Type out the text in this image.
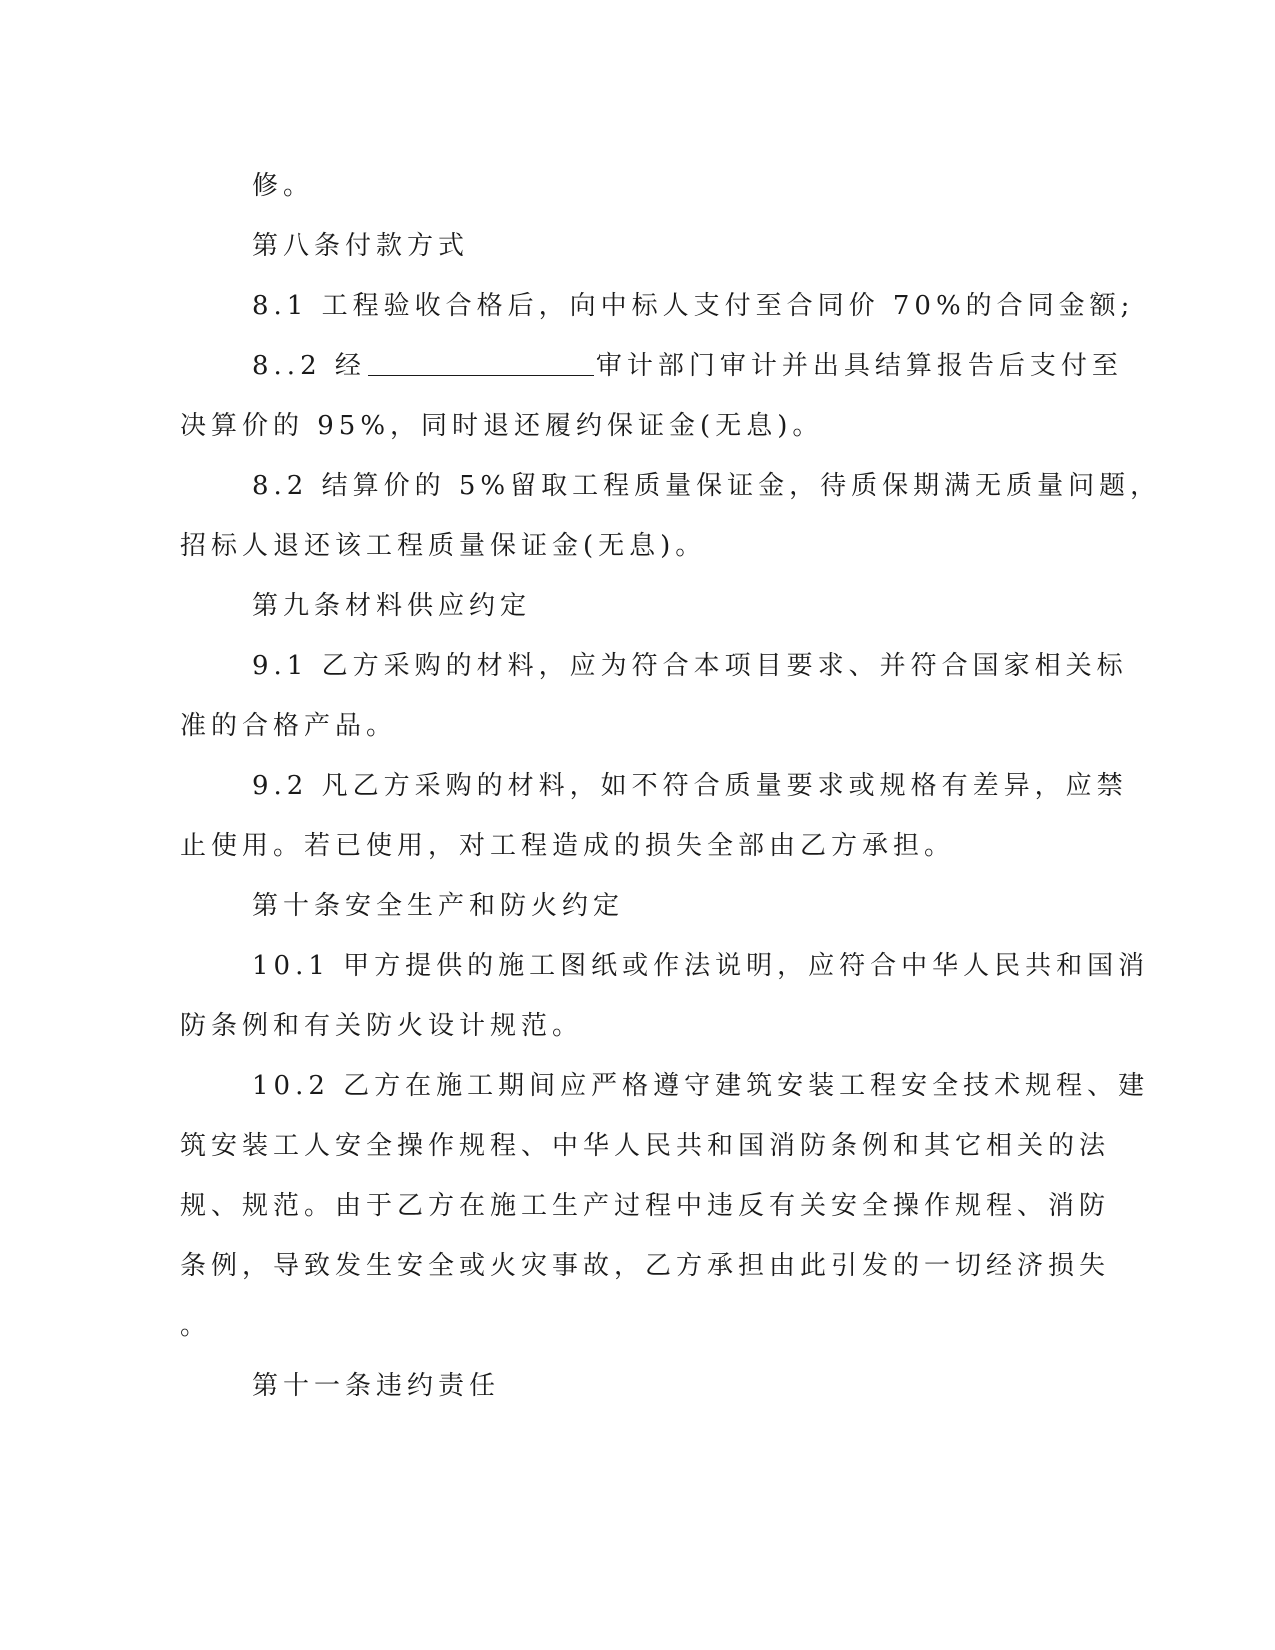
修。
第八条付款方式
8.1 工程验收合格后，向中标人支付至合同价 70%的合同金额;
8..2 经	审计部门审计并出具结算报告后支付至
决算价的 95%，同时退还履约保证金(无息)。
8.2 结算价的 5%留取工程质量保证金，待质保期满无质量问题，
招标人退还该工程质量保证金(无息)。
第九条材料供应约定
9.1 乙方采购的材料，应为符合本项目要求、并符合国家相关标
准的合格产品。
9.2 凡乙方采购的材料，如不符合质量要求或规格有差异，应禁
止使用。若已使用，对工程造成的损失全部由乙方承担。
第十条安全生产和防火约定
10.1 甲方提供的施工图纸或作法说明，应符合中华人民共和国消
防条例和有关防火设计规范。
10.2 乙方在施工期间应严格遵守建筑安装工程安全技术规程、建
筑安装工人安全操作规程、中华人民共和国消防条例和其它相关的法
规、规范。由于乙方在施工生产过程中违反有关安全操作规程、消防
条例，导致发生安全或火灾事故，乙方承担由此引发的一切经济损失
。
第十一条违约责任
